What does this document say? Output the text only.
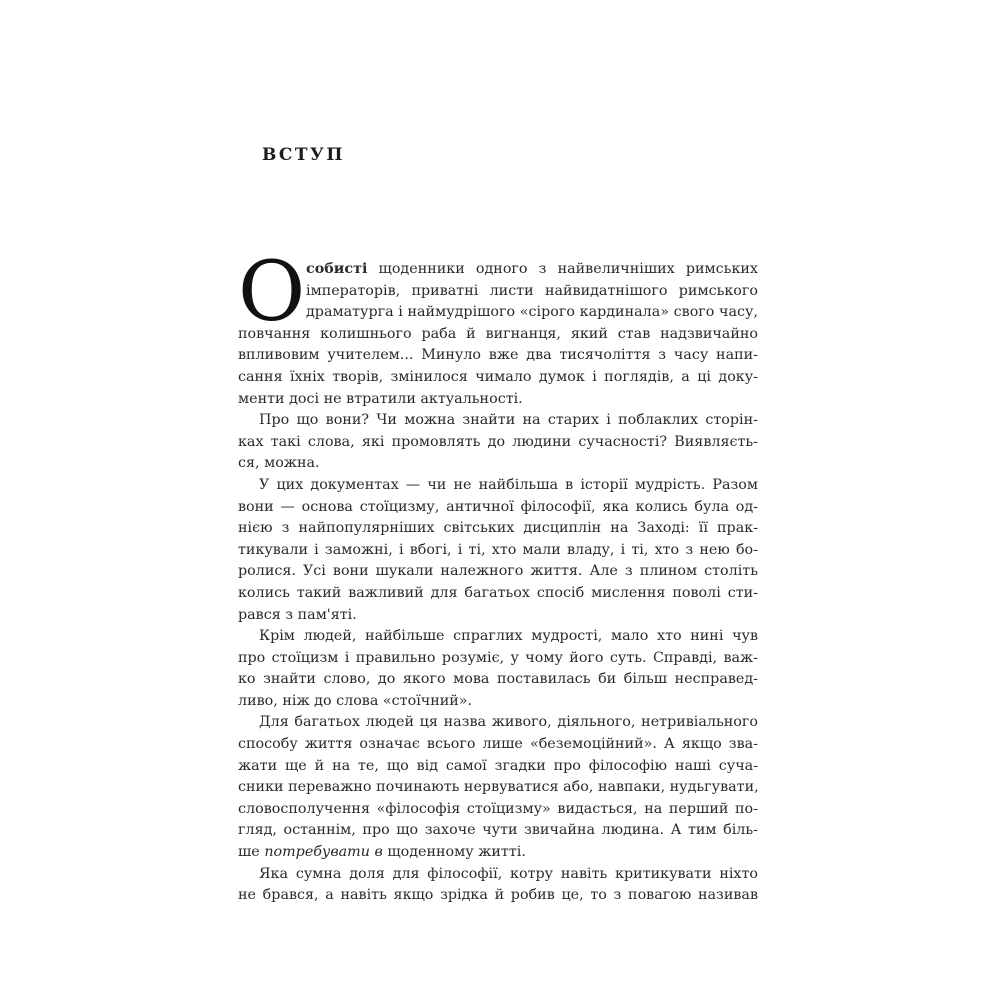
ВСТУП
О собисті щоденники одного з найвеличніших римських
імператорів, приватні листи найвидатнішого римського
драматурга і наймудрішого «сірого кардинала» свого часу,
повчання колишнього раба й вигнанця, який став надзвичайно
впливовим учителем... Минуло вже два тисячоліття з часу напи-
сання їхніх творів, змінилося чимало думок і поглядів, а ці доку-
менти досі не втратили актуальності.
Про що вони? Чи можна знайти на старих і поблаклих сторін-
ках такі слова, які промовлять до людини сучасності? Виявляєть-
ся, можна.
У цих документах — чи не найбільша в історії мудрість. Разом
вони — основа стоїцизму, античної філософії, яка колись була од-
нією з найпопулярніших світських дисциплін на Заході: її прак-
тикували і заможні, і вбогі, і ті, хто мали владу, і ті, хто з нею бо-
ролися. Усі вони шукали належного життя. Але з плином століть
колись такий важливий для багатьох спосіб мислення поволі сти-
рався з пам'яті.
Крім людей, найбільше спраглих мудрості, мало хто нині чув
про стоїцизм і правильно розуміє, у чому його суть. Справді, важ-
ко знайти слово, до якого мова поставилась би більш несправед-
ливо, ніж до слова «стоїчний».
Для багатьох людей ця назва живого, діяльного, нетривіального
способу життя означає всього лише «беземоційний». А якщо зва-
жати ще й на те, що від самої згадки про філософію наші суча-
сники переважно починають нервуватися або, навпаки, нудьгувати,
словосполучення «філософія стоїцизму» видасться, на перший по-
гляд, останнім, про що захоче чути звичайна людина. А тим біль-
ше потребувати в щоденному житті.
Яка сумна доля для філософії, котру навіть критикувати ніхто
не брався, а навіть якщо зрідка й робив це, то з повагою називав
